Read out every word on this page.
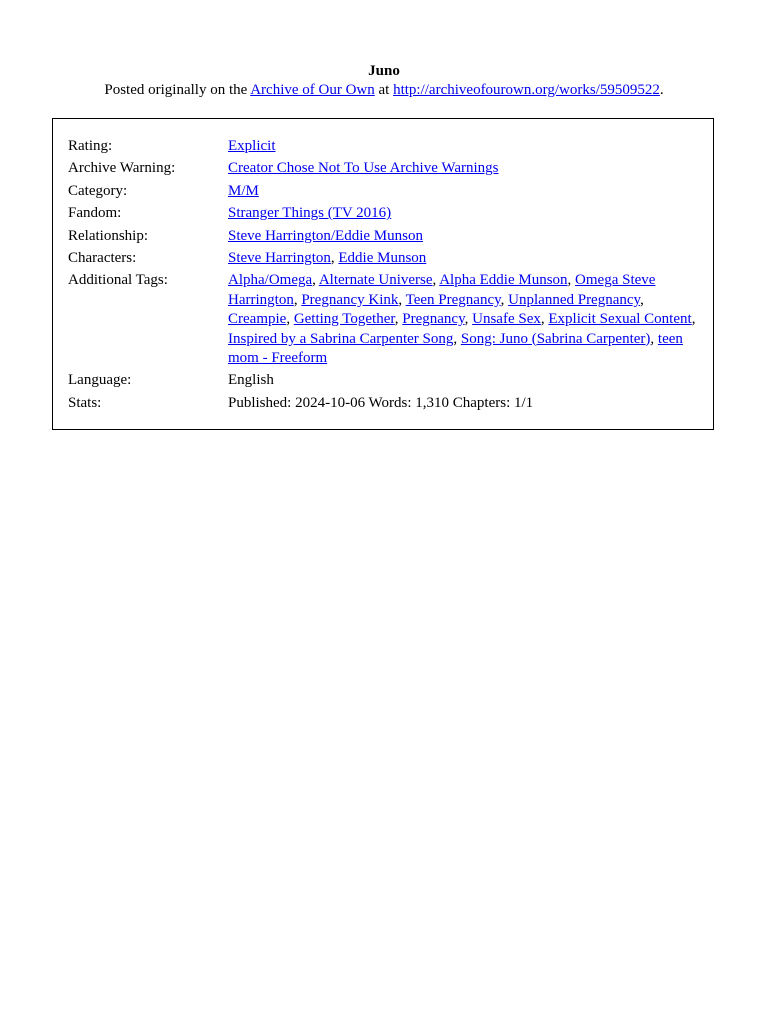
Juno
Posted originally on the Archive of Our Own at http://archiveofourown.org/works/59509522.
Rating:	Explicit
Archive Warning:	Creator Chose Not To Use Archive Warnings
Category:	M/M
Fandom:	Stranger Things (TV 2016)
Relationship:	Steve Harrington/Eddie Munson
Characters:	Steve Harrington, Eddie Munson
Additional Tags:	Alpha/Omega, Alternate Universe, Alpha Eddie Munson, Omega Steve Harrington, Pregnancy Kink, Teen Pregnancy, Unplanned Pregnancy, Creampie, Getting Together, Pregnancy, Unsafe Sex, Explicit Sexual Content, Inspired by a Sabrina Carpenter Song, Song: Juno (Sabrina Carpenter), teen mom - Freeform
Language:	English
Stats:	Published: 2024-10-06 Words: 1,310 Chapters: 1/1
